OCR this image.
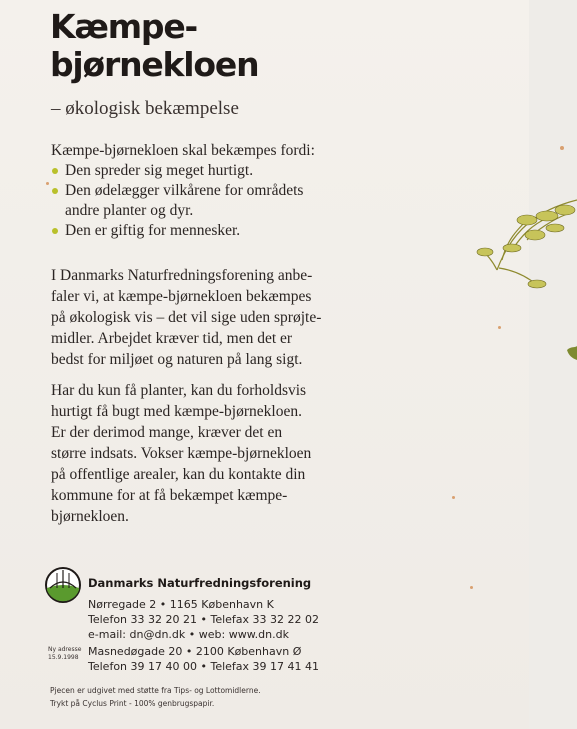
Kæmpe-
bjørnekloen
– økologisk bekæmpelse
Kæmpe-bjørnekloen skal bekæmpes fordi:
Den spreder sig meget hurtigt.
Den ødelægger vilkårene for områdets
andre planter og dyr.
Den er giftig for mennesker.

I Danmarks Naturfredningsforening anbe-
faler vi, at kæmpe-bjørnekloen bekæmpes
på økologisk vis – det vil sige uden sprøjte-
midler. Arbejdet kræver tid, men det er
bedst for miljøet og naturen på lang sigt.

Har du kun få planter, kan du forholdsvis
hurtigt få bugt med kæmpe-bjørnekloen.
Er der derimod mange, kræver det en
større indsats. Vokser kæmpe-bjørnekloen
på offentlige arealer, kan du kontakte din
kommune for at få bekæmpet kæmpe-
bjørnekloen.

Danmarks Naturfredningsforening
Nørregade 2 • 1165 København K
Telefon 33 32 20 21 • Telefax 33 32 22 02
e-mail: dn@dn.dk • web: www.dn.dk
Ny adresse
15.9.1998 Masnedøgade 20 • 2100 København Ø
Telefon 39 17 40 00 • Telefax 39 17 41 41
Pjecen er udgivet med støtte fra Tips- og Lottomidlerne.
Trykt på Cyclus Print - 100% genbrugspapir.
